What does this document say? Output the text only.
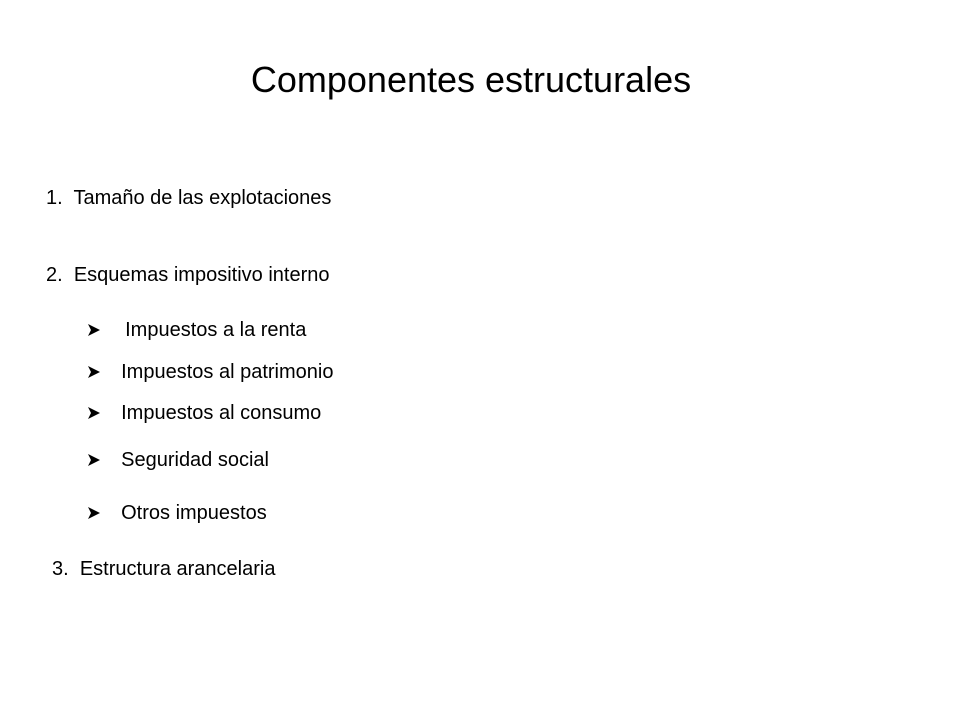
Componentes estructurales
1. Tamaño de las explotaciones
2. Esquemas impositivo interno
Impuestos a la renta
Impuestos al patrimonio
Impuestos al consumo
Seguridad social
Otros impuestos
3. Estructura arancelaria
